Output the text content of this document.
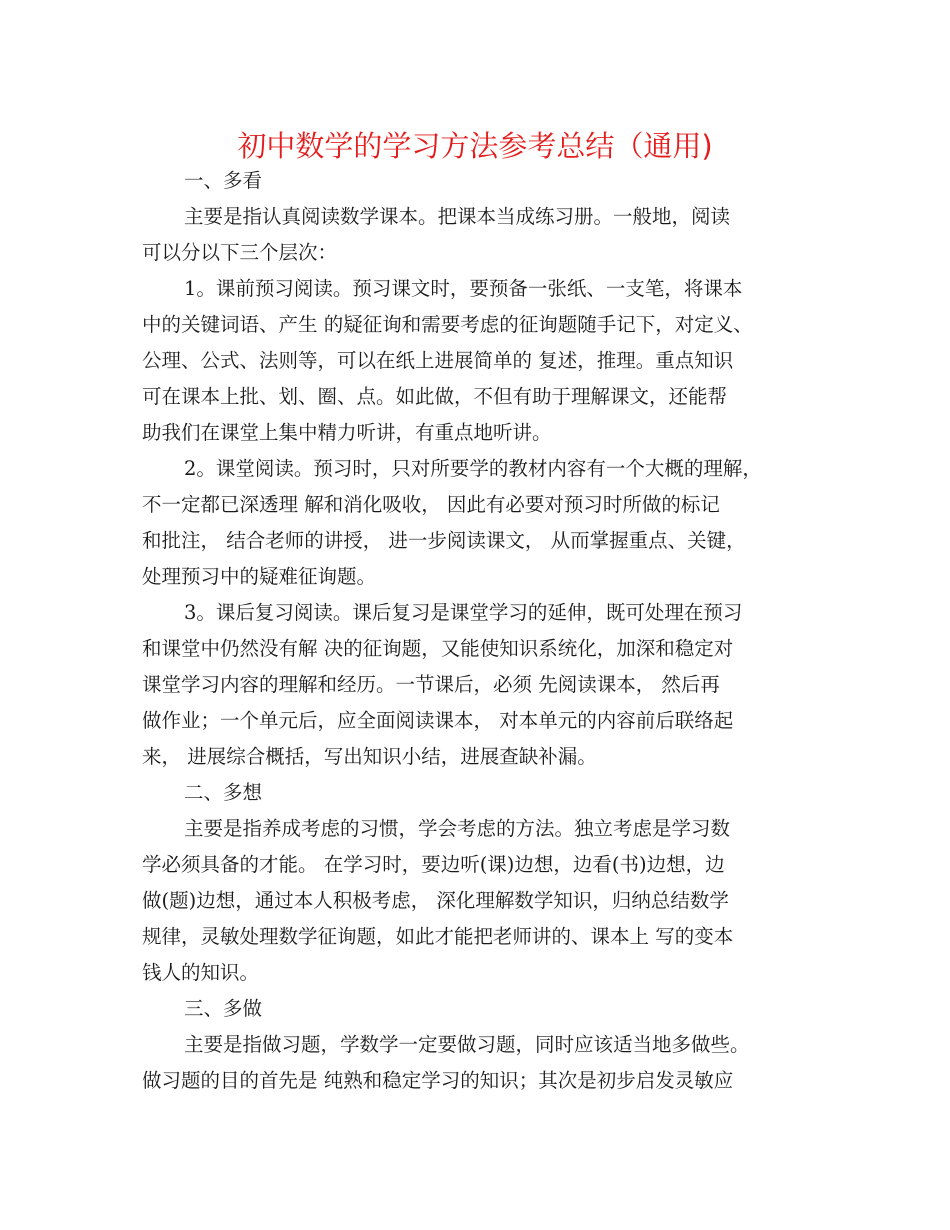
初中数学的学习方法参考总结（通用)
一、多看
主要是指认真阅读数学课本。把课本当成练习册。一般地，阅读
可以分以下三个层次：
1。课前预习阅读。预习课文时，要预备一张纸、一支笔，将课本
中的关键词语、产生 的疑征询和需要考虑的征询题随手记下，对定义、
公理、公式、法则等，可以在纸上进展简单的 复述，推理。重点知识
可在课本上批、划、圈、点。如此做，不但有助于理解课文，还能帮
助我们在课堂上集中精力听讲，有重点地听讲。
2。课堂阅读。预习时，只对所要学的教材内容有一个大概的理解，
不一定都已深透理 解和消化吸收， 因此有必要对预习时所做的标记
和批注， 结合老师的讲授， 进一步阅读课文， 从而掌握重点、关键，
处理预习中的疑难征询题。
3。课后复习阅读。课后复习是课堂学习的延伸，既可处理在预习
和课堂中仍然没有解 决的征询题，又能使知识系统化，加深和稳定对
课堂学习内容的理解和经历。一节课后，必须 先阅读课本， 然后再
做作业；一个单元后，应全面阅读课本， 对本单元的内容前后联络起
来， 进展综合概括，写出知识小结，进展查缺补漏。
二、多想
主要是指养成考虑的习惯，学会考虑的方法。独立考虑是学习数
学必须具备的才能。 在学习时，要边听(课)边想，边看(书)边想，边
做(题)边想，通过本人积极考虑， 深化理解数学知识，归纳总结数学
规律，灵敏处理数学征询题，如此才能把老师讲的、课本上 写的变本
钱人的知识。
三、多做
主要是指做习题，学数学一定要做习题，同时应该适当地多做些。
做习题的目的首先是 纯熟和稳定学习的知识；其次是初步启发灵敏应
